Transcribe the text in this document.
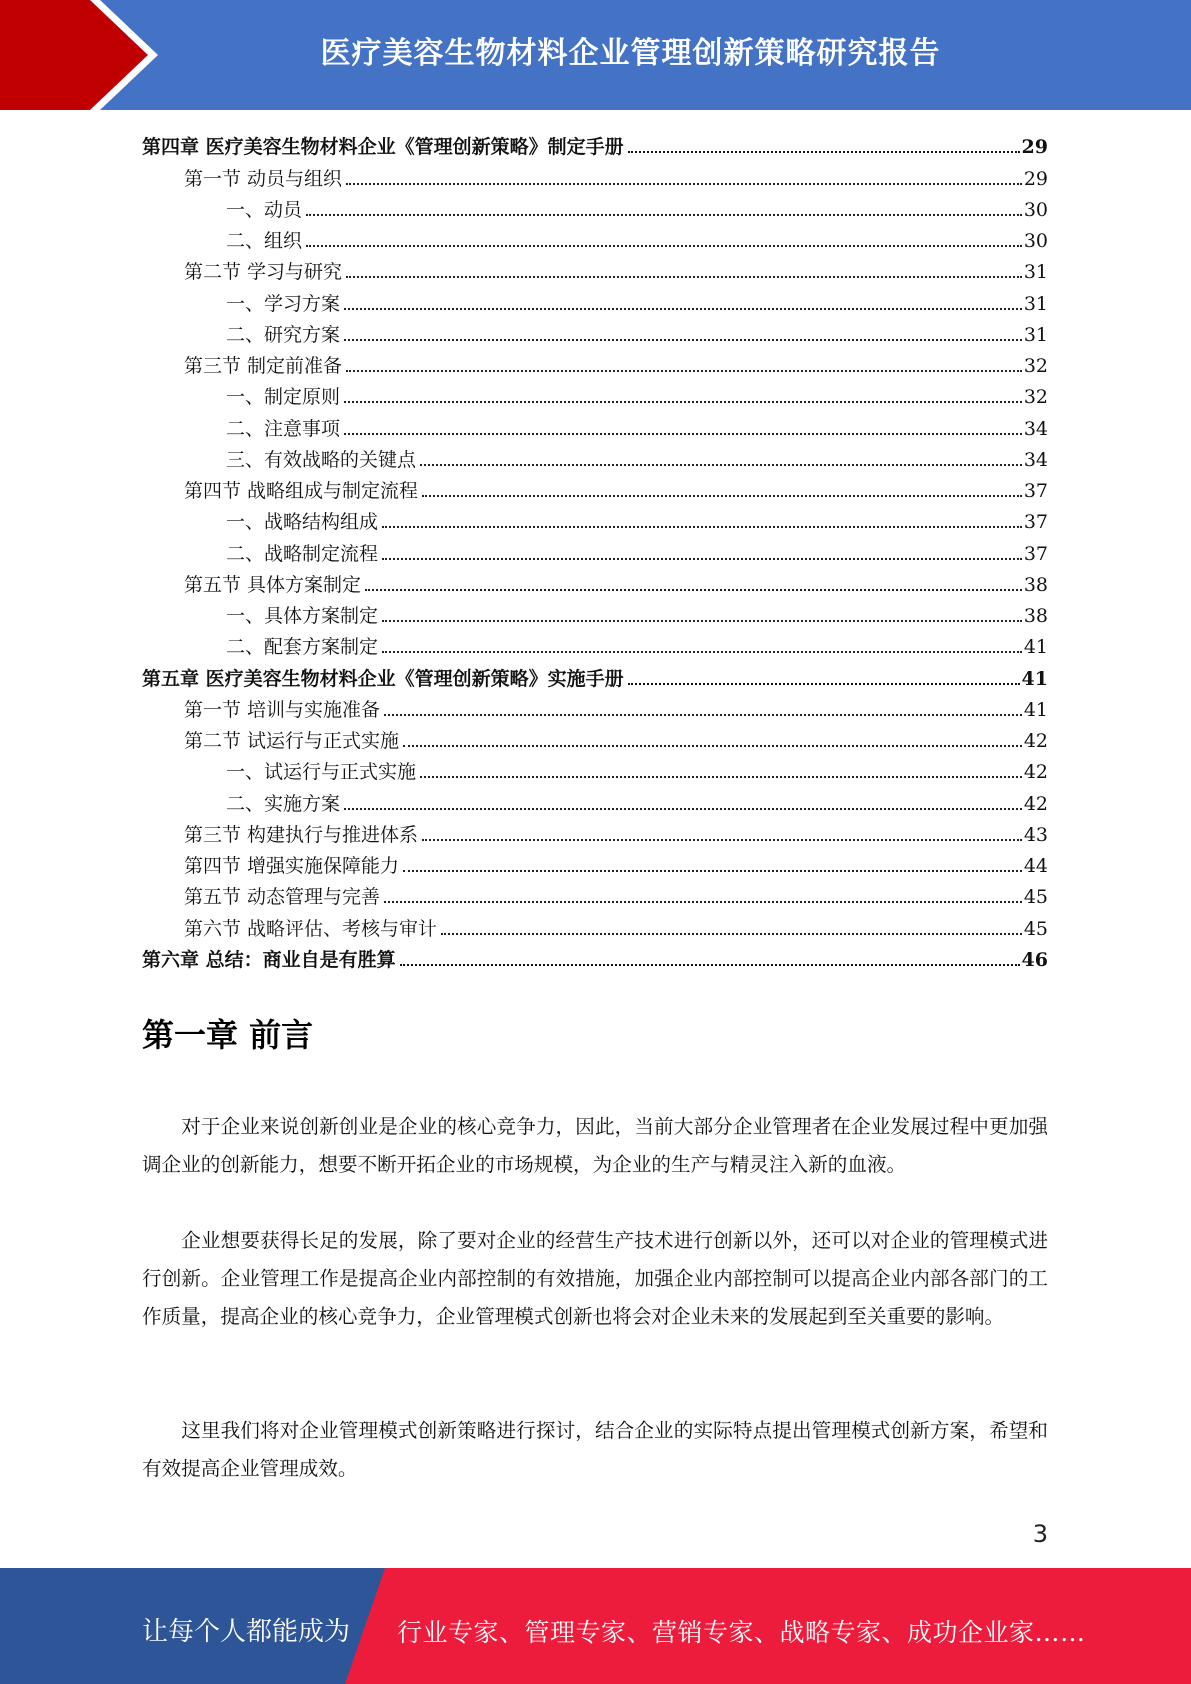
医疗美容生物材料企业管理创新策略研究报告
第四章 医疗美容生物材料企业《管理创新策略》制定手册	29
第一节 动员与组织	29
一、动员	30
二、组织	30
第二节 学习与研究	31
一、学习方案	31
二、研究方案	31
第三节 制定前准备	32
一、制定原则	32
二、注意事项	34
三、有效战略的关键点	34
第四节 战略组成与制定流程	37
一、战略结构组成	37
二、战略制定流程	37
第五节 具体方案制定	38
一、具体方案制定	38
二、配套方案制定	41
第五章 医疗美容生物材料企业《管理创新策略》实施手册	41
第一节 培训与实施准备	41
第二节 试运行与正式实施	42
一、试运行与正式实施	42
二、实施方案	42
第三节 构建执行与推进体系	43
第四节 增强实施保障能力	44
第五节 动态管理与完善	45
第六节 战略评估、考核与审计	45
第六章 总结：商业自是有胜算	46
第一章 前言

对于企业来说创新创业是企业的核心竞争力，因此，当前大部分企业管理者在企业发展过程中更加强调企业的创新能力，想要不断开拓企业的市场规模，为企业的生产与精灵注入新的血液。

企业想要获得长足的发展，除了要对企业的经营生产技术进行创新以外，还可以对企业的管理模式进行创新。企业管理工作是提高企业内部控制的有效措施，加强企业内部控制可以提高企业内部各部门的工作质量，提高企业的核心竞争力，企业管理模式创新也将会对企业未来的发展起到至关重要的影响。

这里我们将对企业管理模式创新策略进行探讨，结合企业的实际特点提出管理模式创新方案，希望和有效提高企业管理成效。

3
让每个人都能成为 行业专家、管理专家、营销专家、战略专家、成功企业家……
